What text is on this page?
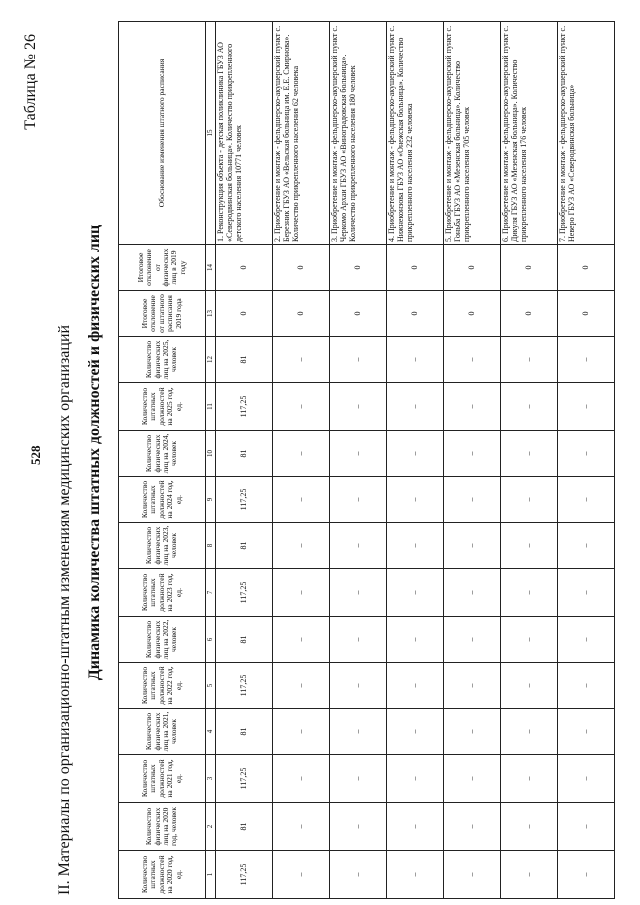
528
Таблица № 26
II. Материалы по организационно-штатным изменениям медицинских организаций Динамика количества штатных должностей и физических лиц
Количество штатных должностей на 2020 год, ед.	Количество физических лиц на 2020 год, человек	Количество штатных должностей на 2021 год, ед.	Количество физических лиц на 2021, человек	Количество штатных должностей на 2022 год, ед.	Количество физических лиц на 2022, человек	Количество штатных должностей на 2023 год, ед.	Количество физических лиц на 2023, человек	Количество штатных должностей на 2024 год, ед.	Количество физических лиц на 2024, человек	Количество штатных должностей на 2025 год, ед.	Количество физических лиц на 2025, человек	Итоговое отклонение от штатного расписания 2019 года	Итоговое отклонение от физических лиц в 2019 году	Обоснование изменения штатного расписания
1	2	3	4	5	6	7	8	9	10	11	12	13	14	15
117,25	81	117,25	81	117,25	81	117,25	81	117,25	81	117,25	81	0	0	1. Реконструкция объекта - детская поликлиника ГБУЗ АО «Северодвинская больница». Количество прикрепленного детского населения 10771 человек
–	–	–	–	–	–	–	–	–	–	–	–	0	0	2. Приобретение и монтаж - фельдшерско-акушерский пункт с. Березник ГБУЗ АО «Вельская больница им. Е.Е. Смирнова». Количество прикрепленного населения 62 человека
–	–	–	–	–	–	–	–	–	–	–	–	0	0	3. Приобретение и монтаж - фельдшерско-акушерский пункт с. Черкомо Архаи ГБУЗ АО «Виноградовская больница». Количество прикрепленного населения 180 человек
–	–	–	–	–	–	–	–	–	–	–	–	0	0	4. Приобретение и монтаж - фельдшерско-акушерский пункт с. Нижнеконзова ГБУЗ АО «Онежская больница». Количество прикрепленного населения 232 человека
–	–	–	–	–	–	–	–	–	–	–	–	0	0	5. Приобретение и монтаж - фельдшерско-акушерский пункт с. Гоньба ГБУЗ АО «Мезенская больница». Количество прикрепленного населения 705 человек
–	–	–	–	–	–	–	–	–	–	–	–	0	0	6. Приобретение и монтаж - фельдшерско-акушерский пункт с. Дикуля ГБУЗ АО «Мезенская больница». Количество прикрепленного населения 176 человек
–	–	–	–	–	–	–	–	–	–	–	–	0	0	7. Приобретение и монтаж - фельдшерско-акушерский пункт с. Неверо ГБУЗ АО «Северодвинская больница»
